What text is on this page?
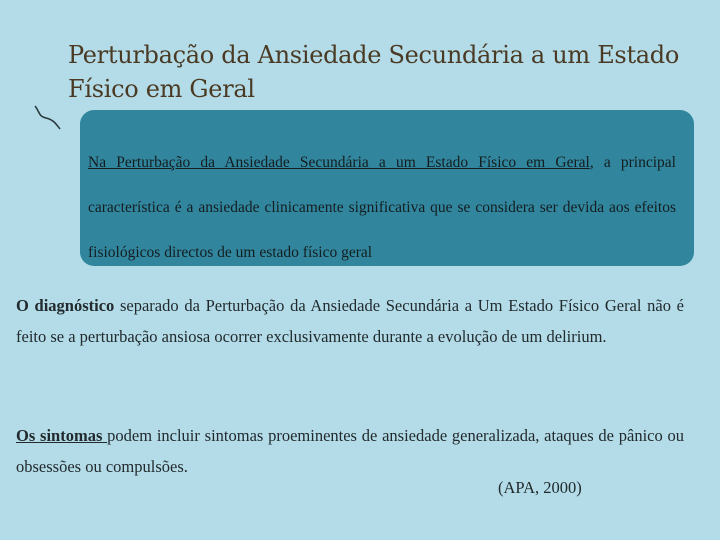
Perturbação da Ansiedade Secundária a um Estado Físico em Geral
Na Perturbação da Ansiedade Secundária a um Estado Físico em Geral, a principal característica é a ansiedade clinicamente significativa que se considera ser devida aos efeitos fisiológicos directos de um estado físico geral
O diagnóstico separado da Perturbação da Ansiedade Secundária a Um Estado Físico Geral não é feito se a perturbação ansiosa ocorrer exclusivamente durante a evolução de um delirium.
Os sintomas podem incluir sintomas proeminentes de ansiedade generalizada, ataques de pânico ou obsessões ou compulsões.
(APA, 2000)
